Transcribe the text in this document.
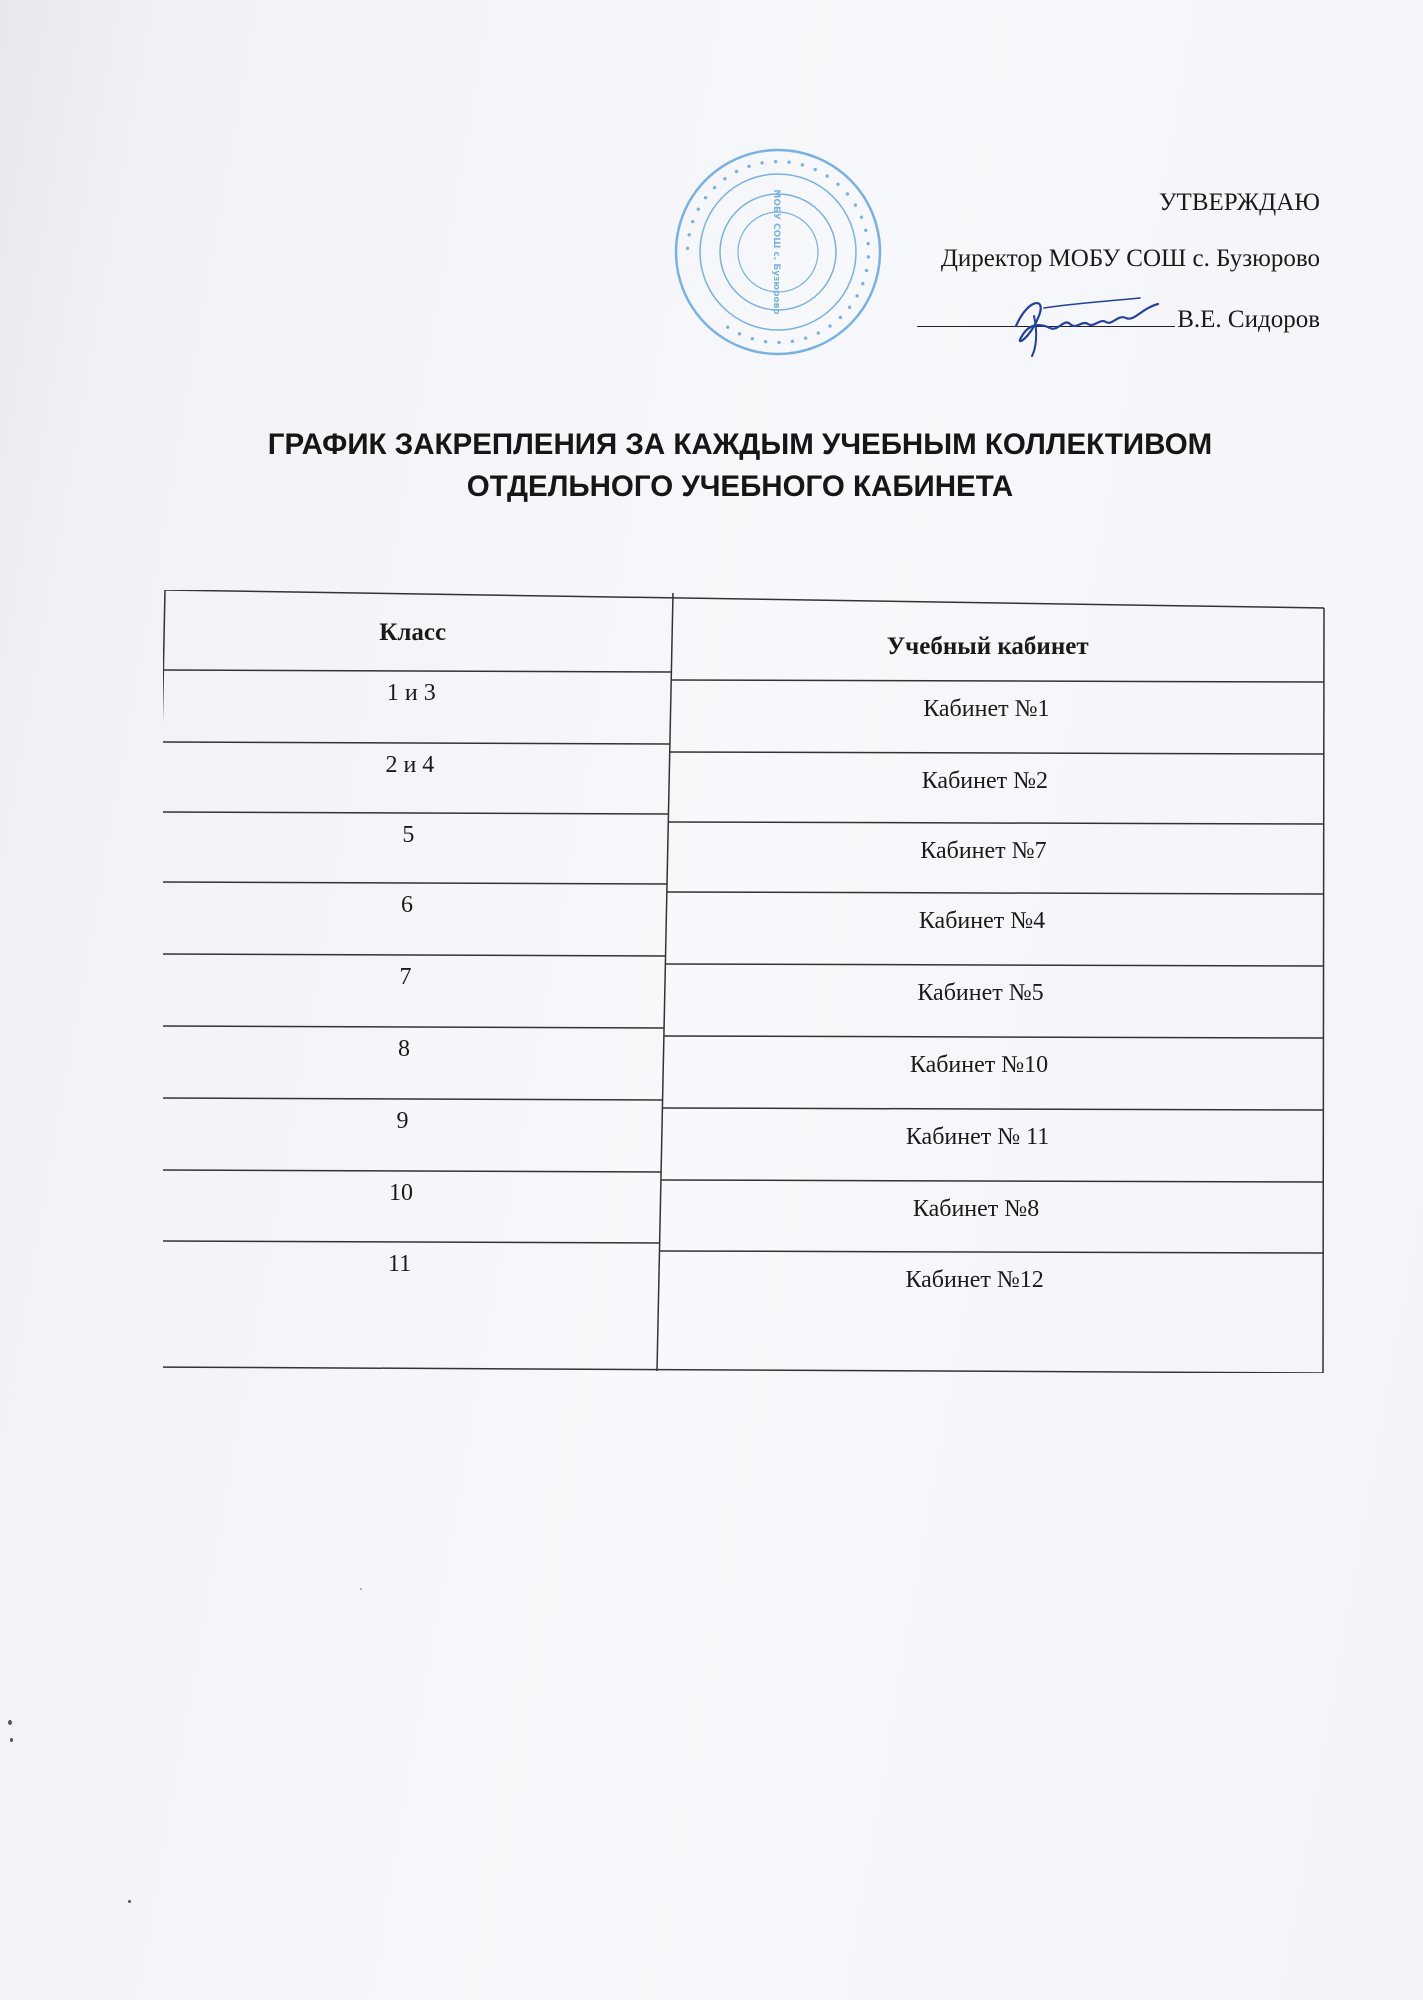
• • • • • • • • • • • • • • • • • • • • • • • • • • • • • • • • • • • •
МОБУ СОШ с. Бузюрово	УТВЕРЖДАЮ
Директор МОБУ СОШ с. Бузюрово
В.Е. Сидоров
ГРАФИК ЗАКРЕПЛЕНИЯ ЗА КАЖДЫМ УЧЕБНЫМ КОЛЛЕКТИВОМ
ОТДЕЛЬНОГО УЧЕБНОГО КАБИНЕТА
Класс
Учебный кабинет
1 и 3
Кабинет №1
2 и 4
Кабинет №2
5
Кабинет №7
6
Кабинет №4
7
Кабинет №5
8
Кабинет №10
9
Кабинет № 11
10
Кабинет №8
11
Кабинет №12
